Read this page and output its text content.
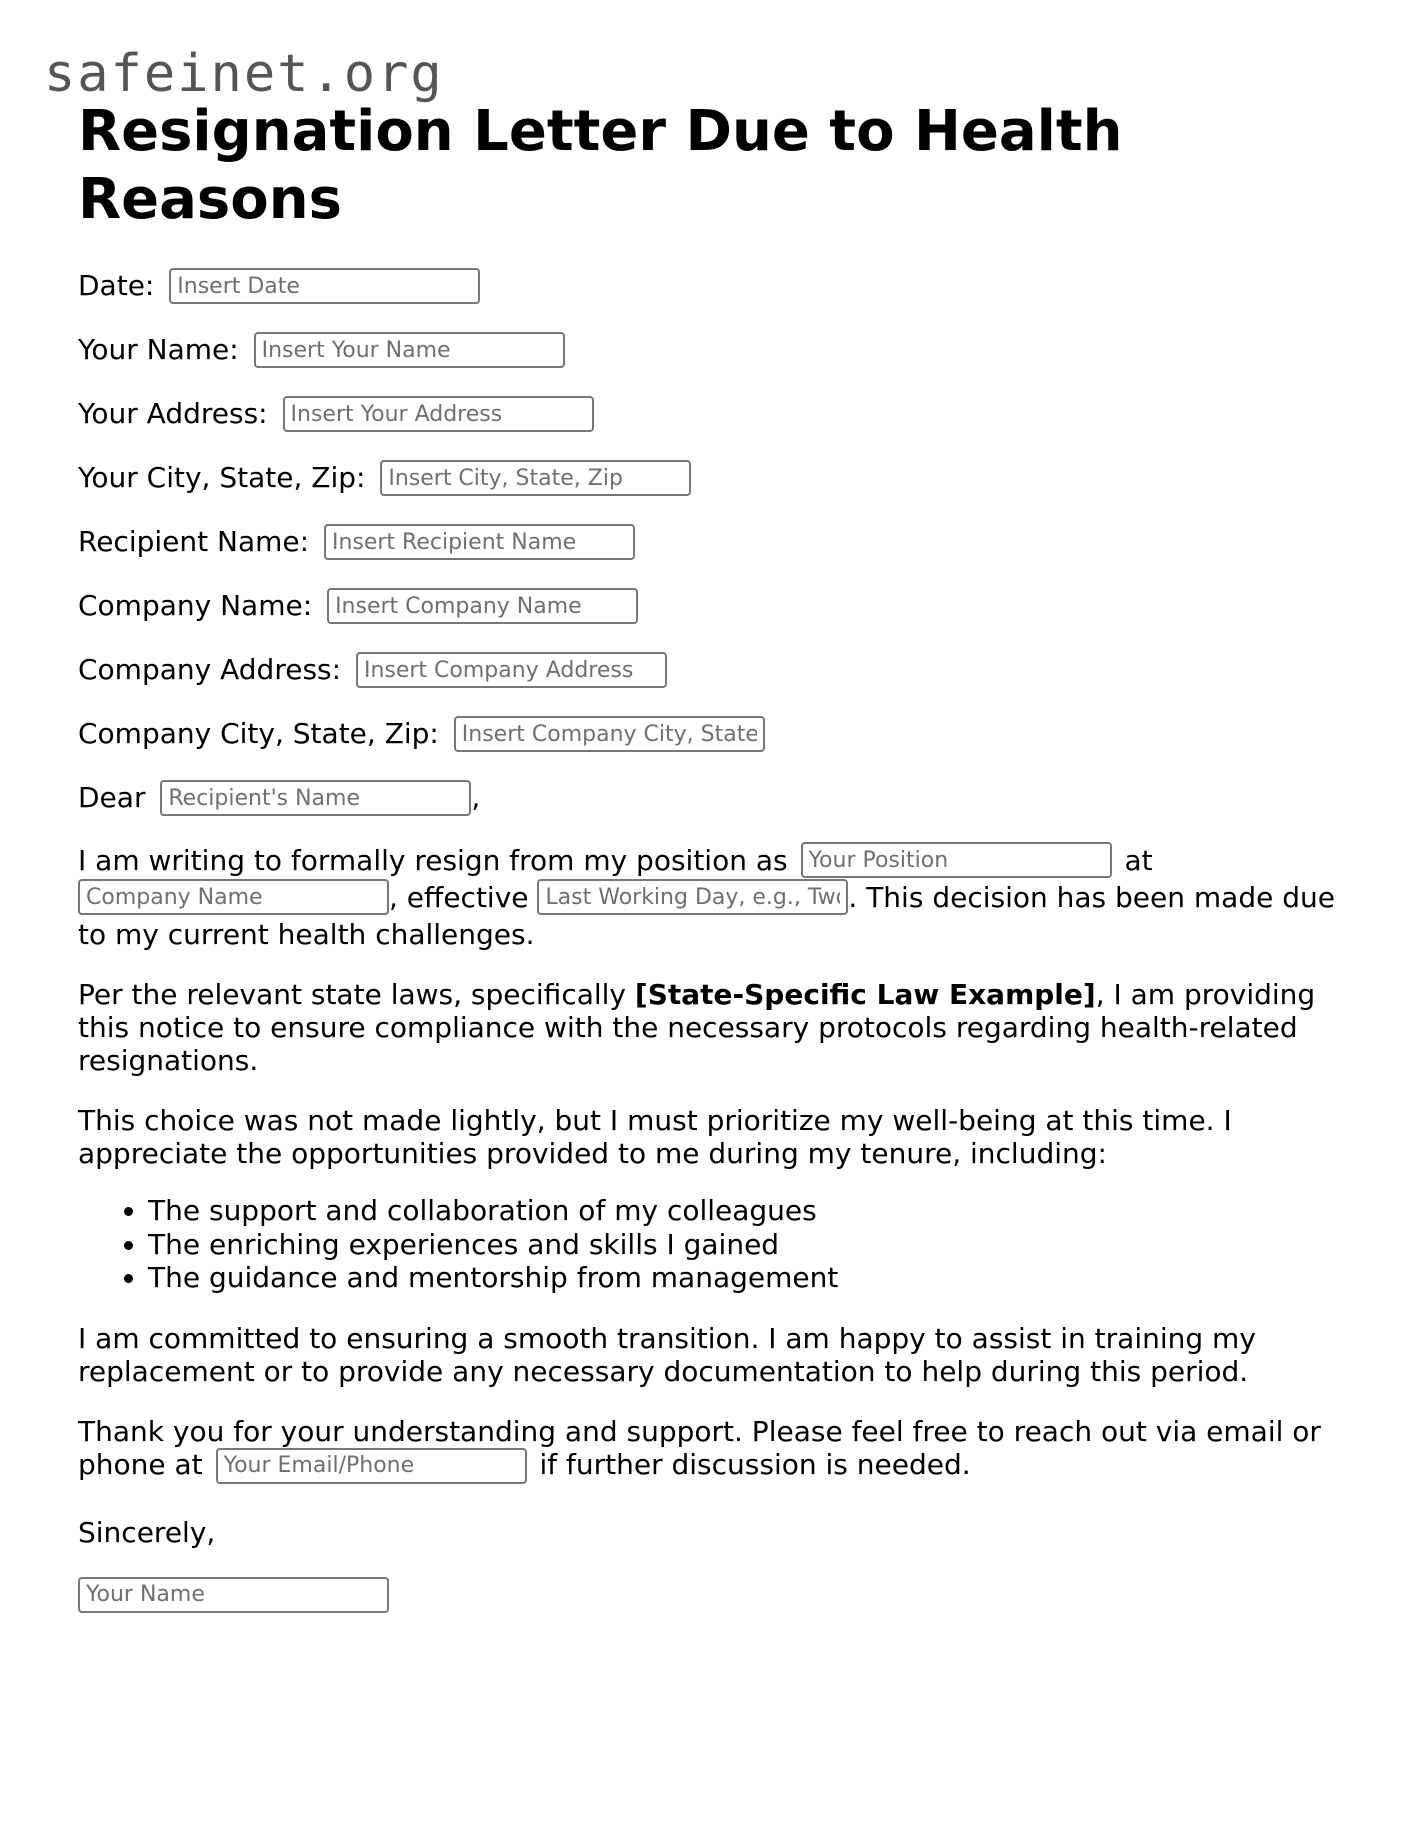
safeinet.org
Resignation Letter Due to Health Reasons
Date: Insert Date
Your Name: Insert Your Name
Your Address: Insert Your Address
Your City, State, Zip: Insert City, State, Zip
Recipient Name: Insert Recipient Name
Company Name: Insert Company Name
Company Address: Insert Company Address
Company City, State, Zip: Insert Company City, State, Zip
Dear Recipient's Name	,

I am writing to formally resign from my position as Your Position	at Company Name, effective Last Working Day, e.g., Two Weeks From Today	. This decision has been made due to my current health challenges.

Per the relevant state laws, specifically [State-Specific Law Example], I am providing this notice to ensure compliance with the necessary protocols regarding health-related resignations.

This choice was not made lightly, but I must prioritize my well-being at this time. I appreciate the opportunities provided to me during my tenure, including:

• The support and collaboration of my colleagues
• The enriching experiences and skills I gained
• The guidance and mentorship from management

I am committed to ensuring a smooth transition. I am happy to assist in training my replacement or to provide any necessary documentation to help during this period.

Thank you for your understanding and support. Please feel free to reach out via email or phone at Your Email/Phone	if further discussion is needed.

Sincerely,

Your Name
